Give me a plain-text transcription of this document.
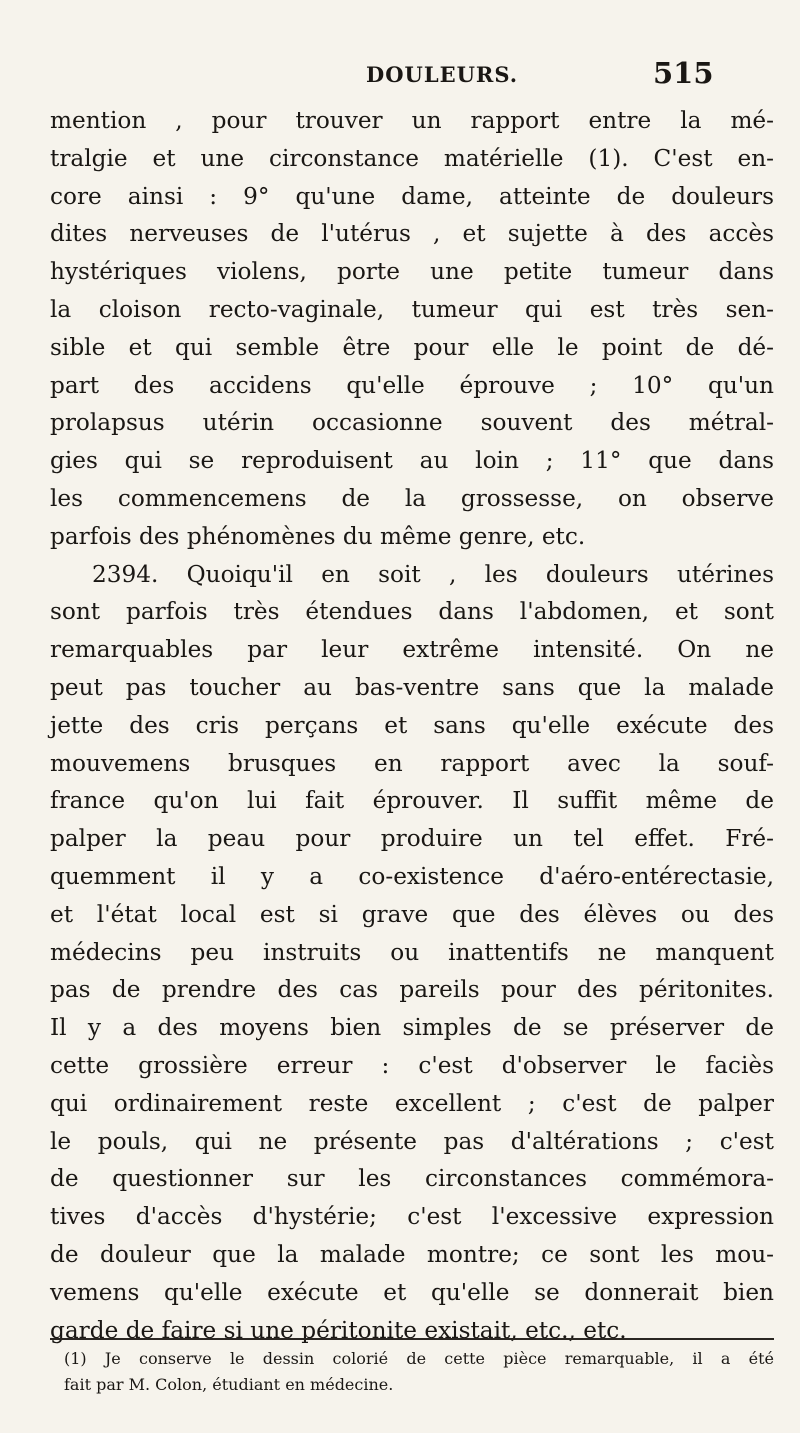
DOULEURS.	515
mention , pour trouver un rapport entre la mé-
tralgie et une circonstance matérielle (1). C'est en-
core ainsi : 9° qu'une dame, atteinte de douleurs
dites nerveuses de l'utérus , et sujette à des accès
hystériques violens, porte une petite tumeur dans
la cloison recto-vaginale, tumeur qui est très sen-
sible et qui semble être pour elle le point de dé-
part des accidens qu'elle éprouve ; 10° qu'un
prolapsus utérin occasionne souvent des métral-
gies qui se reproduisent au loin ; 11° que dans
les commencemens de la grossesse, on observe
parfois des phénomènes du même genre, etc.
2394. Quoiqu'il en soit , les douleurs utérines
sont parfois très étendues dans l'abdomen, et sont
remarquables par leur extrême intensité. On ne
peut pas toucher au bas-ventre sans que la malade
jette des cris perçans et sans qu'elle exécute des
mouvemens brusques en rapport avec la souf-
france qu'on lui fait éprouver. Il suffit même de
palper la peau pour produire un tel effet. Fré-
quemment il y a co-existence d'aéro-entérectasie,
et l'état local est si grave que des élèves ou des
médecins peu instruits ou inattentifs ne manquent
pas de prendre des cas pareils pour des péritonites.
Il y a des moyens bien simples de se préserver de
cette grossière erreur : c'est d'observer le faciès
qui ordinairement reste excellent ; c'est de palper
le pouls, qui ne présente pas d'altérations ; c'est
de questionner sur les circonstances commémora-
tives d'accès d'hystérie; c'est l'excessive expression
de douleur que la malade montre; ce sont les mou-
vemens qu'elle exécute et qu'elle se donnerait bien
garde de faire si une péritonite existait, etc., etc.
(1) Je conserve le dessin colorié de cette pièce remarquable, il a été
fait par M. Colon, étudiant en médecine.
